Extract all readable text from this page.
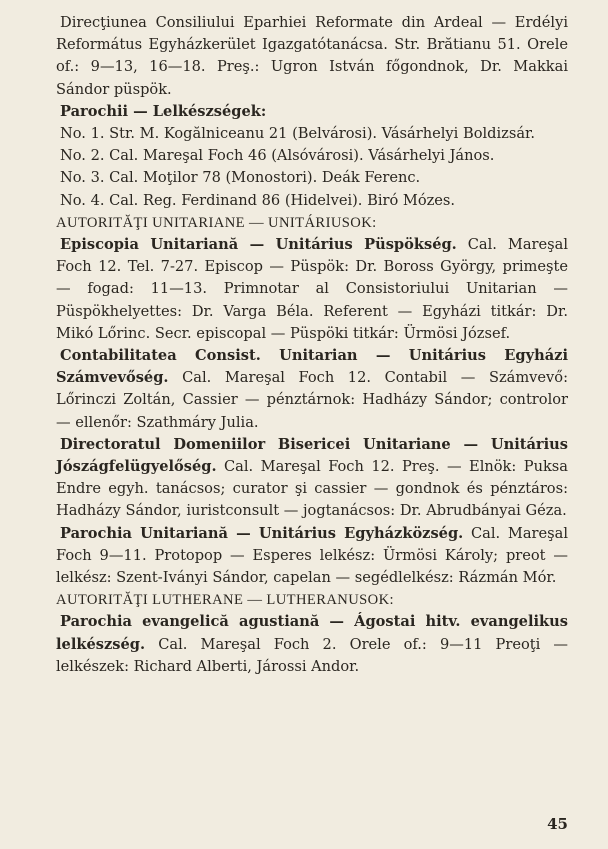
Direcţiunea Consiliului Eparhiei Reformate din Ardeal — Erdélyi Református Egyházkerület Igazgatótanácsa. Str. Brătianu 51. Orele of.: 9—13, 16—18. Preş.: Ugron István főgondnok, Dr. Makkai Sándor püspök.

Parochii — Lelkészségek:

No. 1. Str. M. Kogălniceanu 21 (Belvárosi). Vásárhelyi Boldizsár.

No. 2. Cal. Mareşal Foch 46 (Alsóvárosi). Vásárhelyi János.

No. 3. Cal. Moţilor 78 (Monostori). Deák Ferenc.

No. 4. Cal. Reg. Ferdinand 86 (Hidelvei). Biró Mózes.

AUTORITĂŢI UNITARIANE — UNITÁRIUSOK:

Episcopia Unitariană — Unitárius Püspökség. Cal. Mareşal Foch 12. Tel. 7-27. Episcop — Püspök: Dr. Boross György, primeşte — fogad: 11—13. Primnotar al Consistoriului Unitarian — Püspökhelyettes: Dr. Varga Béla. Referent — Egyházi titkár: Dr. Mikó Lőrinc. Secr. episcopal — Püspöki titkár: Ürmösi József.

Contabilitatea Consist. Unitarian — Unitárius Egyházi Számvevőség. Cal. Mareşal Foch 12. Contabil — Számvevő: Lőrinczi Zoltán, Cassier — pénztárnok: Hadházy Sándor; controlor — ellenőr: Szathmáry Julia.

Directoratul Domeniilor Bisericei Unitariane — Unitárius Jószágfelügyelőség. Cal. Mareşal Foch 12. Preş. — Elnök: Puksa Endre egyh. tanácsos; curator şi cassier — gondnok és pénztáros: Hadházy Sándor, iuristconsult — jogtanácsos: Dr. Abrudbányai Géza.

Parochia Unitariană — Unitárius Egyházközség. Cal. Mareşal Foch 9—11. Protopop — Esperes lelkész: Ürmösi Károly; preot — lelkész: Szent-Iványi Sándor, capelan — segédlelkész: Rázmán Mór.

AUTORITĂŢI LUTHERANE — LUTHERANUSOK:

Parochia evangelică agustiană — Ágostai hitv. evangelikus lelkészség. Cal. Mareşal Foch 2. Orele of.: 9—11 Preoţi — lelkészek: Richard Alberti, Járossi Andor.

45
